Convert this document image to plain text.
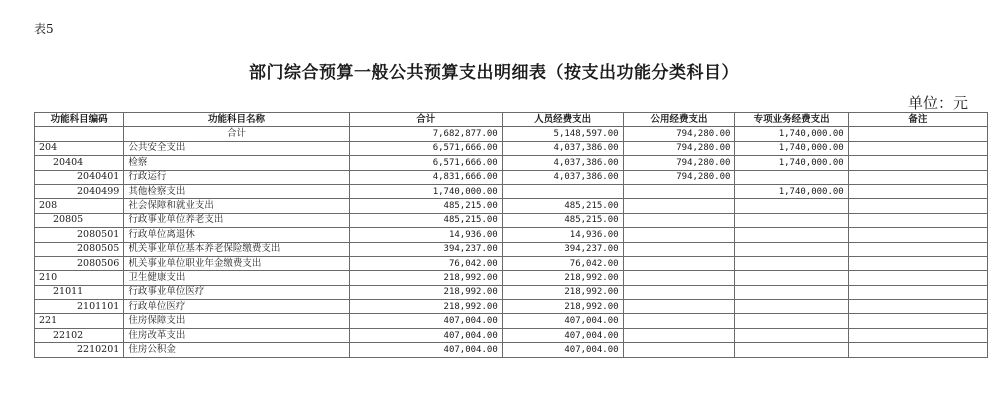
表5
部门综合预算一般公共预算支出明细表（按支出功能分类科目）
单位：元
功能科目编码	功能科目名称	合计	人员经费支出	公用经费支出	专项业务经费支出	备注
	合计	7,682,877.00	5,148,597.00	794,280.00	1,740,000.00	
204	公共安全支出	6,571,666.00	4,037,386.00	794,280.00	1,740,000.00	
20404	检察	6,571,666.00	4,037,386.00	794,280.00	1,740,000.00	
2040401	行政运行	4,831,666.00	4,037,386.00	794,280.00		
2040499	其他检察支出	1,740,000.00			1,740,000.00	
208	社会保障和就业支出	485,215.00	485,215.00			
20805	行政事业单位养老支出	485,215.00	485,215.00			
2080501	行政单位离退休	14,936.00	14,936.00			
2080505	机关事业单位基本养老保险缴费支出	394,237.00	394,237.00			
2080506	机关事业单位职业年金缴费支出	76,042.00	76,042.00			
210	卫生健康支出	218,992.00	218,992.00			
21011	行政事业单位医疗	218,992.00	218,992.00			
2101101	行政单位医疗	218,992.00	218,992.00			
221	住房保障支出	407,004.00	407,004.00			
22102	住房改革支出	407,004.00	407,004.00			
2210201	住房公积金	407,004.00	407,004.00			
